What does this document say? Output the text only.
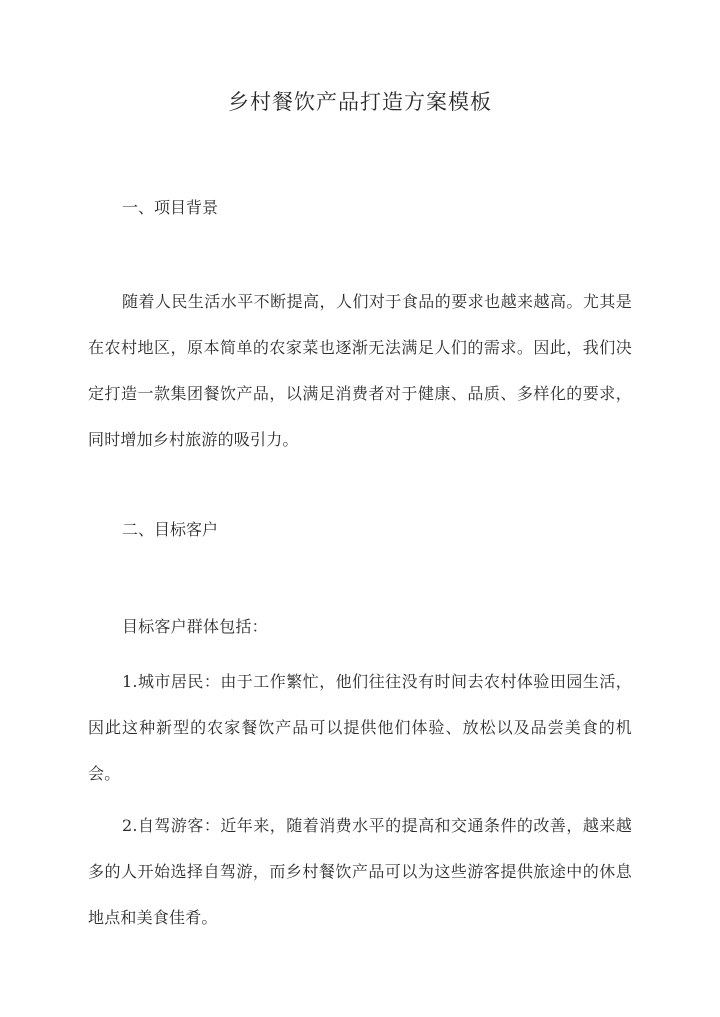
乡村餐饮产品打造方案模板
一、项目背景

随着人民生活水平不断提高，人们对于食品的要求也越来越高。尤其是在农村地区，原本简单的农家菜也逐渐无法满足人们的需求。因此，我们决定打造一款集团餐饮产品，以满足消费者对于健康、品质、多样化的要求，同时增加乡村旅游的吸引力。

二、目标客户

目标客户群体包括：

1.城市居民：由于工作繁忙，他们往往没有时间去农村体验田园生活，因此这种新型的农家餐饮产品可以提供他们体验、放松以及品尝美食的机会。

2.自驾游客：近年来，随着消费水平的提高和交通条件的改善，越来越多的人开始选择自驾游，而乡村餐饮产品可以为这些游客提供旅途中的休息地点和美食佳肴。
